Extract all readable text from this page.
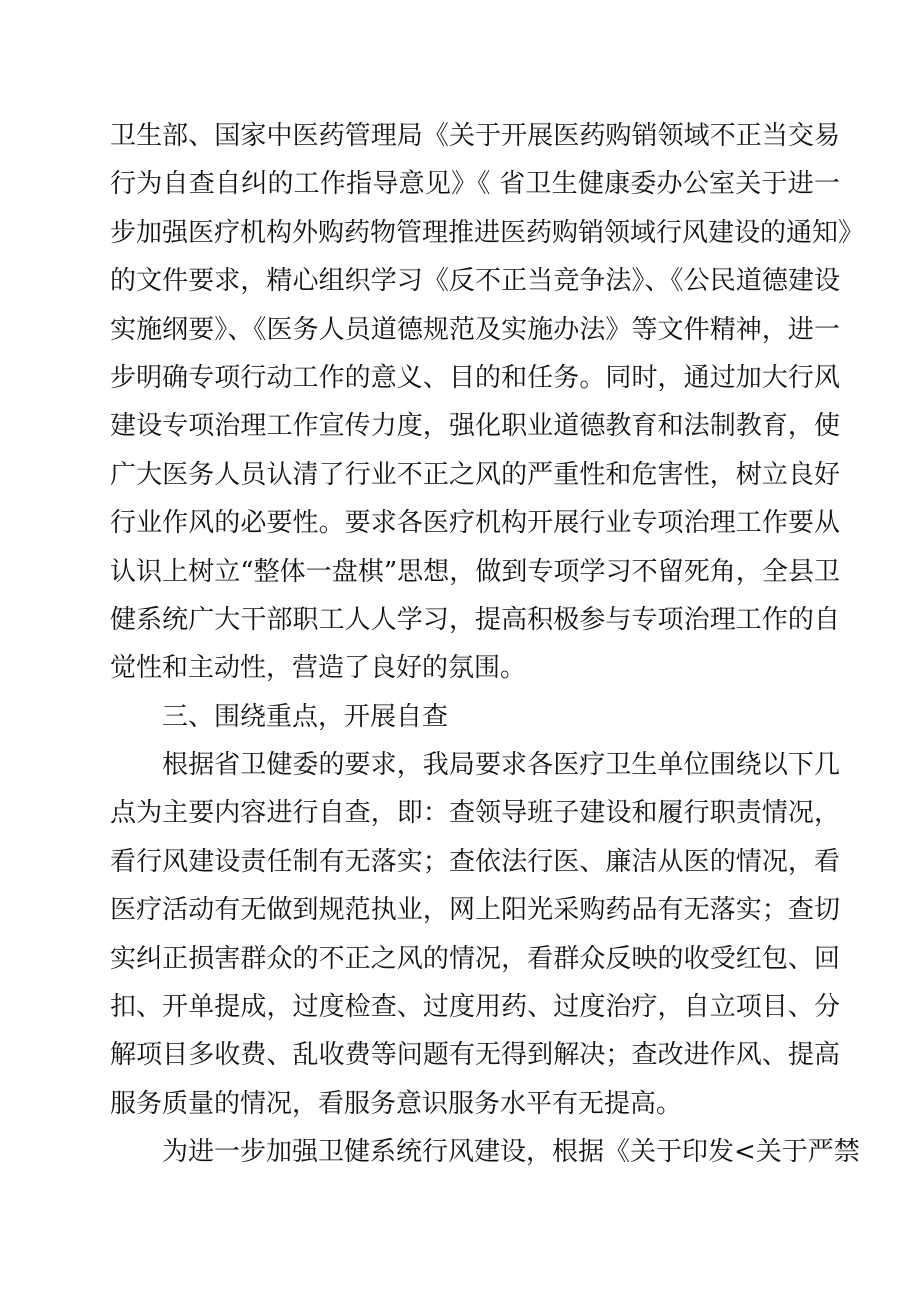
卫生部、国家中医药管理局《关于开展医药购销领域不正当交易
行为自查自纠的工作指导意见》《 省卫生健康委办公室关于进一
步加强医疗机构外购药物管理推进医药购销领域行风建设的通知》
的文件要求，精心组织学习《反不正当竞争法》、《公民道德建设
实施纲要》、《医务人员道德规范及实施办法》等文件精神，进一
步明确专项行动工作的意义、目的和任务。同时，通过加大行风
建设专项治理工作宣传力度，强化职业道德教育和法制教育，使
广大医务人员认清了行业不正之风的严重性和危害性，树立良好
行业作风的必要性。要求各医疗机构开展行业专项治理工作要从
认识上树立“整体一盘棋”思想，做到专项学习不留死角，全县卫
健系统广大干部职工人人学习，提高积极参与专项治理工作的自
觉性和主动性，营造了良好的氛围。
三、围绕重点，开展自查
根据省卫健委的要求，我局要求各医疗卫生单位围绕以下几
点为主要内容进行自查，即：查领导班子建设和履行职责情况，
看行风建设责任制有无落实；查依法行医、廉洁从医的情况，看
医疗活动有无做到规范执业，网上阳光采购药品有无落实；查切
实纠正损害群众的不正之风的情况，看群众反映的收受红包、回
扣、开单提成，过度检查、过度用药、过度治疗，自立项目、分
解项目多收费、乱收费等问题有无得到解决；查改进作风、提高
服务质量的情况，看服务意识服务水平有无提高。
为进一步加强卫健系统行风建设，根据《关于印发<关于严禁
